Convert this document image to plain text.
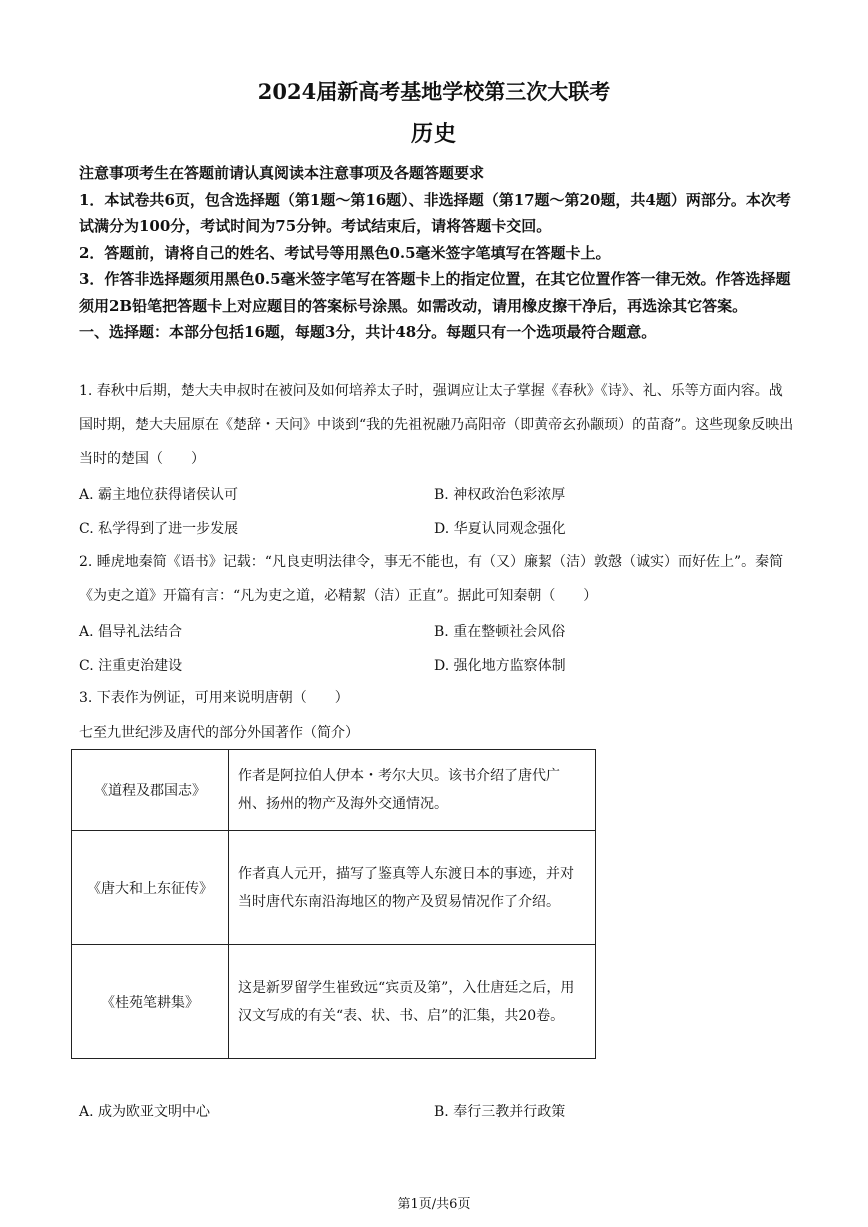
2024届新高考基地学校第三次大联考
历史

注意事项考生在答题前请认真阅读本注意事项及各题答题要求

1．本试卷共6页，包含选择题（第1题～第16题）、非选择题（第17题～第20题，共4题）两部分。本次考试满分为100分，考试时间为75分钟。考试结束后，请将答题卡交回。

2．答题前，请将自己的姓名、考试号等用黑色0.5毫米签字笔填写在答题卡上。

3．作答非选择题须用黑色0.5毫米签字笔写在答题卡上的指定位置，在其它位置作答一律无效。作答选择题须用2B铅笔把答题卡上对应题目的答案标号涂黑。如需改动，请用橡皮擦干净后，再选涂其它答案。

一、选择题：本部分包括16题，每题3分，共计48分。每题只有一个选项最符合题意。

1. 春秋中后期，楚大夫申叔时在被问及如何培养太子时，强调应让太子掌握《春秋》《诗》、礼、乐等方面内容。战国时期，楚大夫屈原在《楚辞・天问》中谈到“我的先祖祝融乃高阳帝（即黄帝玄孙颛顼）的苗裔”。这些现象反映出当时的楚国（　　）

A. 霸主地位获得诸侯认可	B. 神权政治色彩浓厚
C. 私学得到了进一步发展	D. 华夏认同观念强化

2. 睡虎地秦简《语书》记载：“凡良吏明法律令，事无不能也，有（又）廉絜（洁）敦慤（诚实）而好佐上”。秦简《为吏之道》开篇有言：“凡为吏之道，必精絜（洁）正直”。据此可知秦朝（　　）

A. 倡导礼法结合	B. 重在整顿社会风俗
C. 注重吏治建设	D. 强化地方监察体制

3. 下表作为例证，可用来说明唐朝（　　）

七至九世纪涉及唐代的部分外国著作（简介）
《道程及郡国志》	作者是阿拉伯人伊本・考尔大贝。该书介绍了唐代广州、扬州的物产及海外交通情况。
《唐大和上东征传》	作者真人元开，描写了鉴真等人东渡日本的事迹，并对当时唐代东南沿海地区的物产及贸易情况作了介绍。
《桂苑笔耕集》	这是新罗留学生崔致远“宾贡及第”，入仕唐廷之后，用汉文写成的有关“表、状、书、启”的汇集，共20卷。
A. 成为欧亚文明中心	B. 奉行三教并行政策
第1页/共6页
